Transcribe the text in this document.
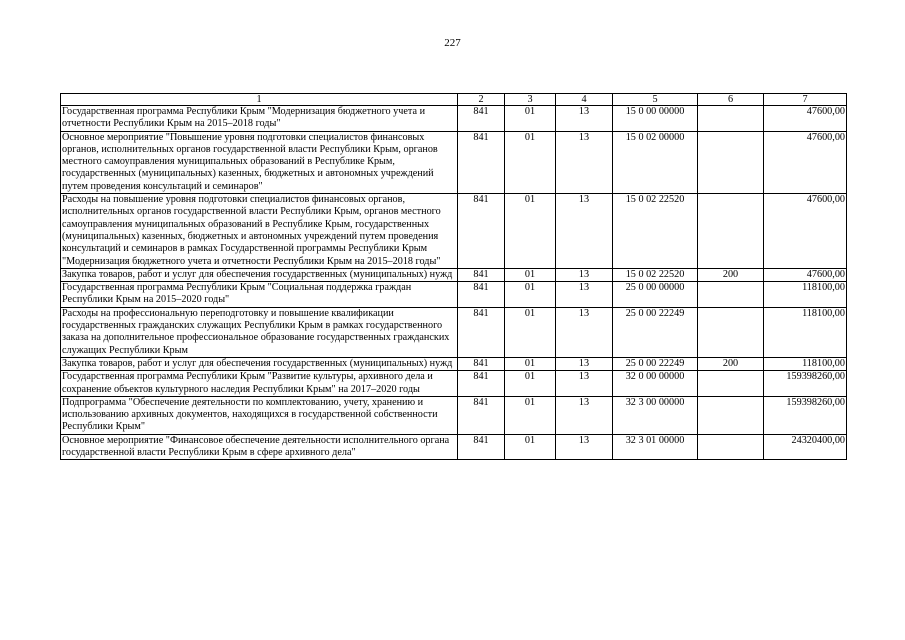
227
1	2	3	4	5	6	7
Государственная программа Республики Крым "Модернизация бюджетного учета и отчетности Республики Крым на 2015–2018 годы"	841	01	13	15 0 00 00000		47600,00
Основное мероприятие "Повышение уровня подготовки специалистов финансовых органов, исполнительных органов государственной власти Республики Крым, органов местного самоуправления муниципальных образований в Республике Крым, государственных (муниципальных) казенных, бюджетных и автономных учреждений путем проведения консультаций и семинаров"	841	01	13	15 0 02 00000		47600,00
Расходы на повышение уровня подготовки специалистов финансовых органов, исполнительных органов государственной власти Республики Крым, органов местного самоуправления муниципальных образований в Республике Крым, государственных (муниципальных) казенных, бюджетных и автономных учреждений путем проведения консультаций и семинаров в рамках Государственной программы Республики Крым "Модернизация бюджетного учета и отчетности Республики Крым на 2015–2018 годы"	841	01	13	15 0 02 22520		47600,00
Закупка товаров, работ и услуг для обеспечения государственных (муниципальных) нужд	841	01	13	15 0 02 22520	200	47600,00
Государственная программа Республики Крым "Социальная поддержка граждан Республики Крым на 2015–2020 годы"	841	01	13	25 0 00 00000		118100,00
Расходы на профессиональную переподготовку и повышение квалификации государственных гражданских служащих Республики Крым в рамках государственного заказа на дополнительное профессиональное образование государственных гражданских служащих Республики Крым	841	01	13	25 0 00 22249		118100,00
Закупка товаров, работ и услуг для обеспечения государственных (муниципальных) нужд	841	01	13	25 0 00 22249	200	118100,00
Государственная программа Республики Крым "Развитие культуры, архивного дела и сохранение объектов культурного наследия Республики Крым" на 2017–2020 годы	841	01	13	32 0 00 00000		159398260,00
Подпрограмма "Обеспечение деятельности по комплектованию, учету, хранению и использованию архивных документов, находящихся в государственной собственности Республики Крым"	841	01	13	32 3 00 00000		159398260,00
Основное мероприятие "Финансовое обеспечение деятельности исполнительного органа государственной власти Республики Крым в сфере архивного дела"	841	01	13	32 3 01 00000		24320400,00
